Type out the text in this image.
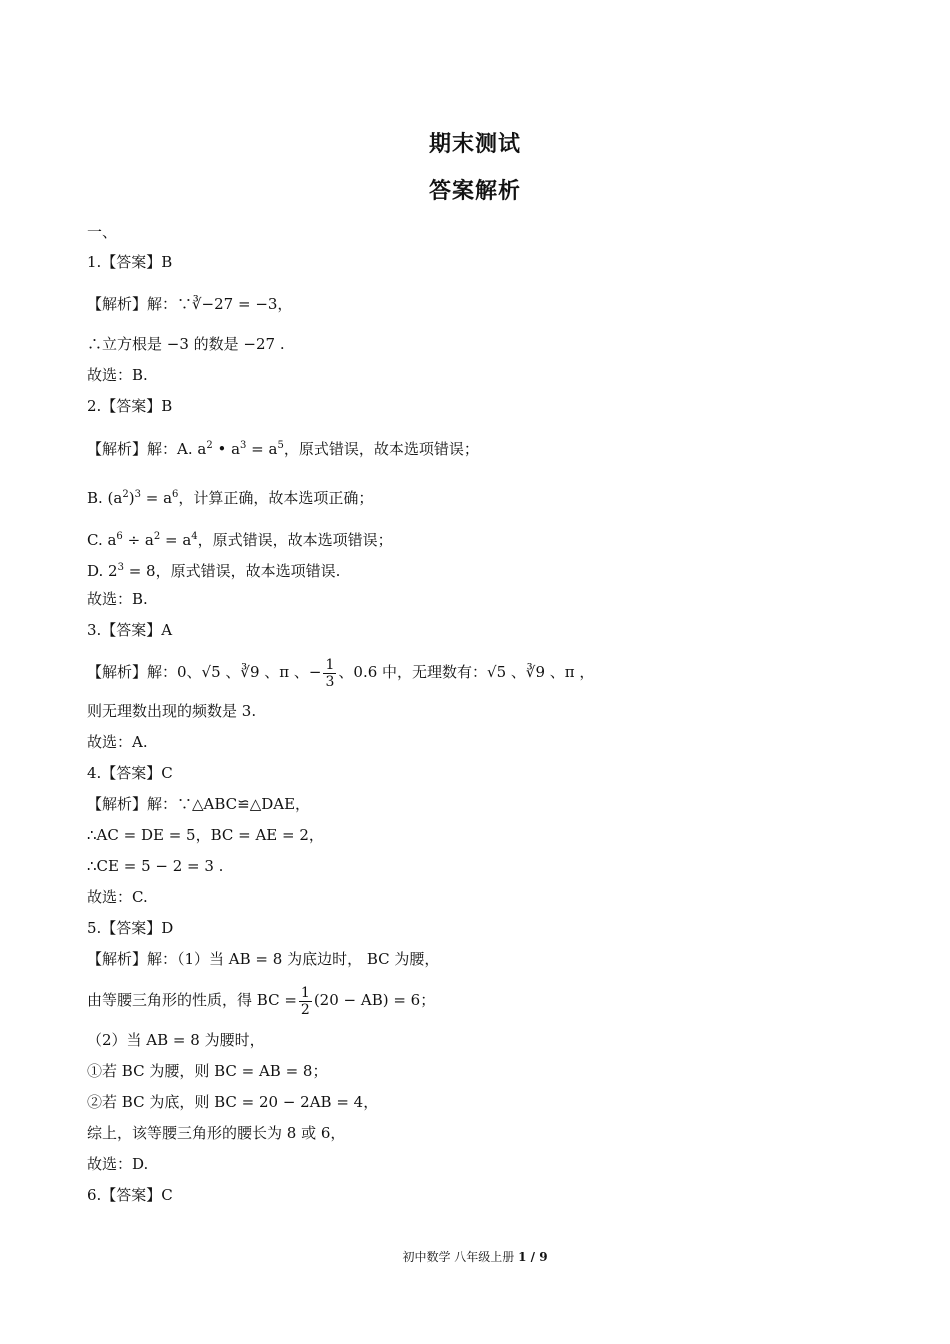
期末测试
答案解析
一、
1.【答案】B
【解析】解：∵∛−27 = −3，
∴立方根是 −3 的数是 −27 .
故选：B.
2.【答案】B
【解析】解：A. $a^2$ • $a^3 = a^5$，原式错误，故本选项错误；
B. $(a^2)^3 = a^6$，计算正确，故本选项正确；
C. $a^6 \div a^2 = a^4$，原式错误，故本选项错误；
D. $2^3 = 8$，原式错误，故本选项错误.
故选：B.
3.【答案】A
【解析】解：0、√5 、∛9 、π 、− $\frac{1}{3}$ 、0.6 中，无理数有：√5 、∛9 、π ，
则无理数出现的频数是 3.
故选：A.
4.【答案】C
【解析】解：∵△ABC≌△DAE，
∴AC = DE = 5，BC = AE = 2，
∴CE = 5 − 2 = 3 .
故选：C.
5.【答案】D
【解析】解：（1）当 AB = 8 为底边时， BC 为腰，
由等腰三角形的性质，得 BC = $\frac{1}{2} (20 - AB) = 6$；
（2）当 AB = 8 为腰时，
①若 BC 为腰，则 BC = AB = 8；
②若 BC 为底，则 BC = 20 − 2AB = 4，
综上，该等腰三角形的腰长为 8 或 6，
故选：D.
6.【答案】C
初中数学 八年级上册 1 / 9
